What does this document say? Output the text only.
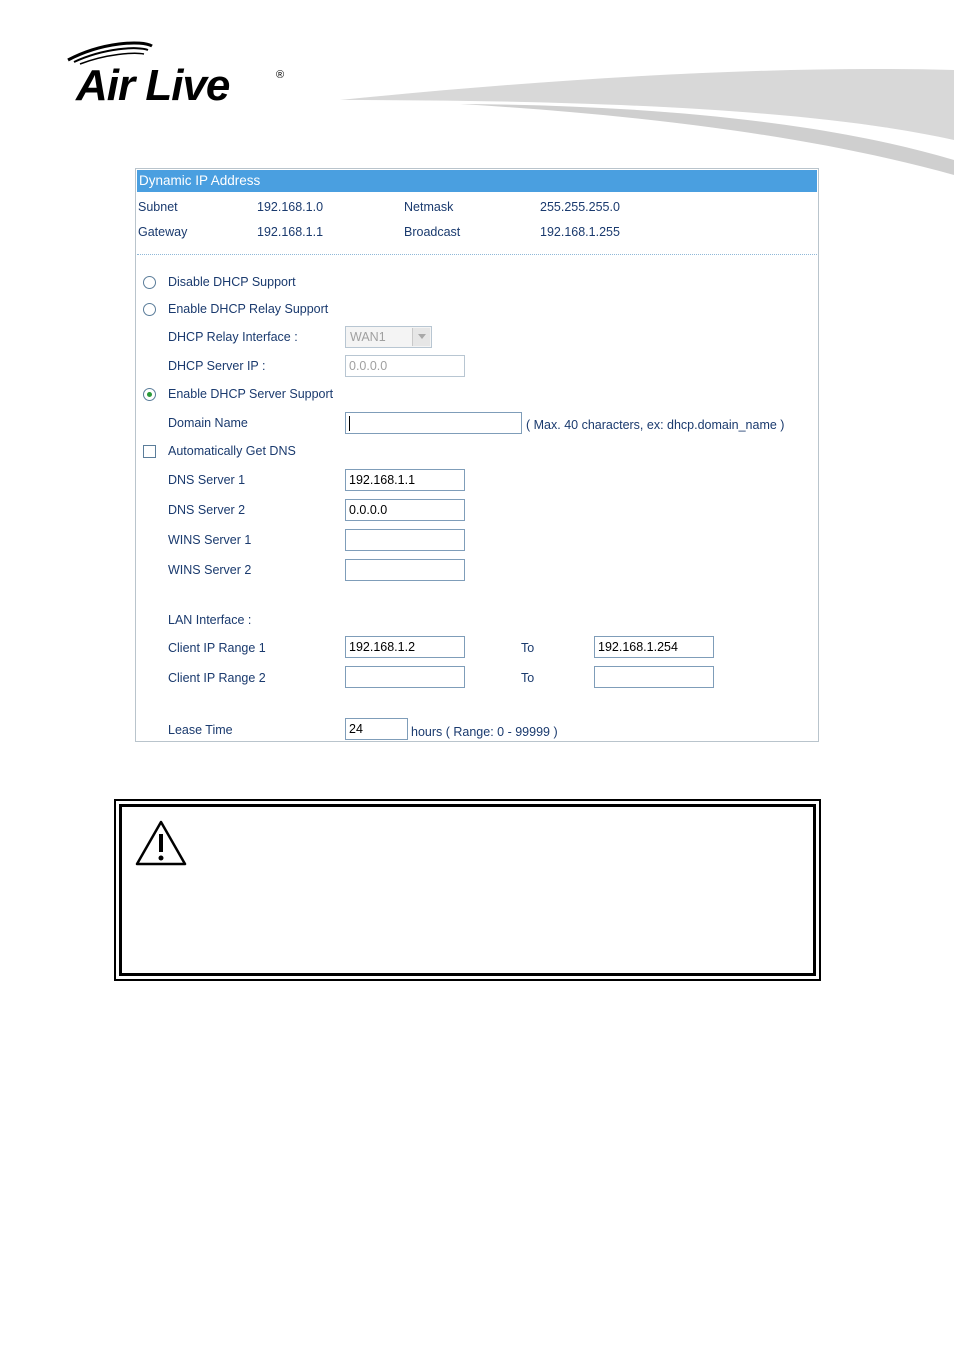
Air Live	®
Dynamic IP Address
Subnet	192.168.1.0	Netmask	255.255.255.0
Gateway	192.168.1.1	Broadcast	192.168.1.255
Disable DHCP Support
Enable DHCP Relay Support
DHCP Relay Interface :	WAN1
DHCP Server IP :	0.0.0.0
Enable DHCP Server Support
Domain Name	( Max. 40 characters, ex: dhcp.domain_name )
Automatically Get DNS
DNS Server 1	192.168.1.1
DNS Server 2	0.0.0.0
WINS Server 1
WINS Server 2
LAN Interface :
Client IP Range 1	192.168.1.2	To	192.168.1.254
Client IP Range 2	To
Lease Time	24	hours ( Range: 0 - 99999 )
